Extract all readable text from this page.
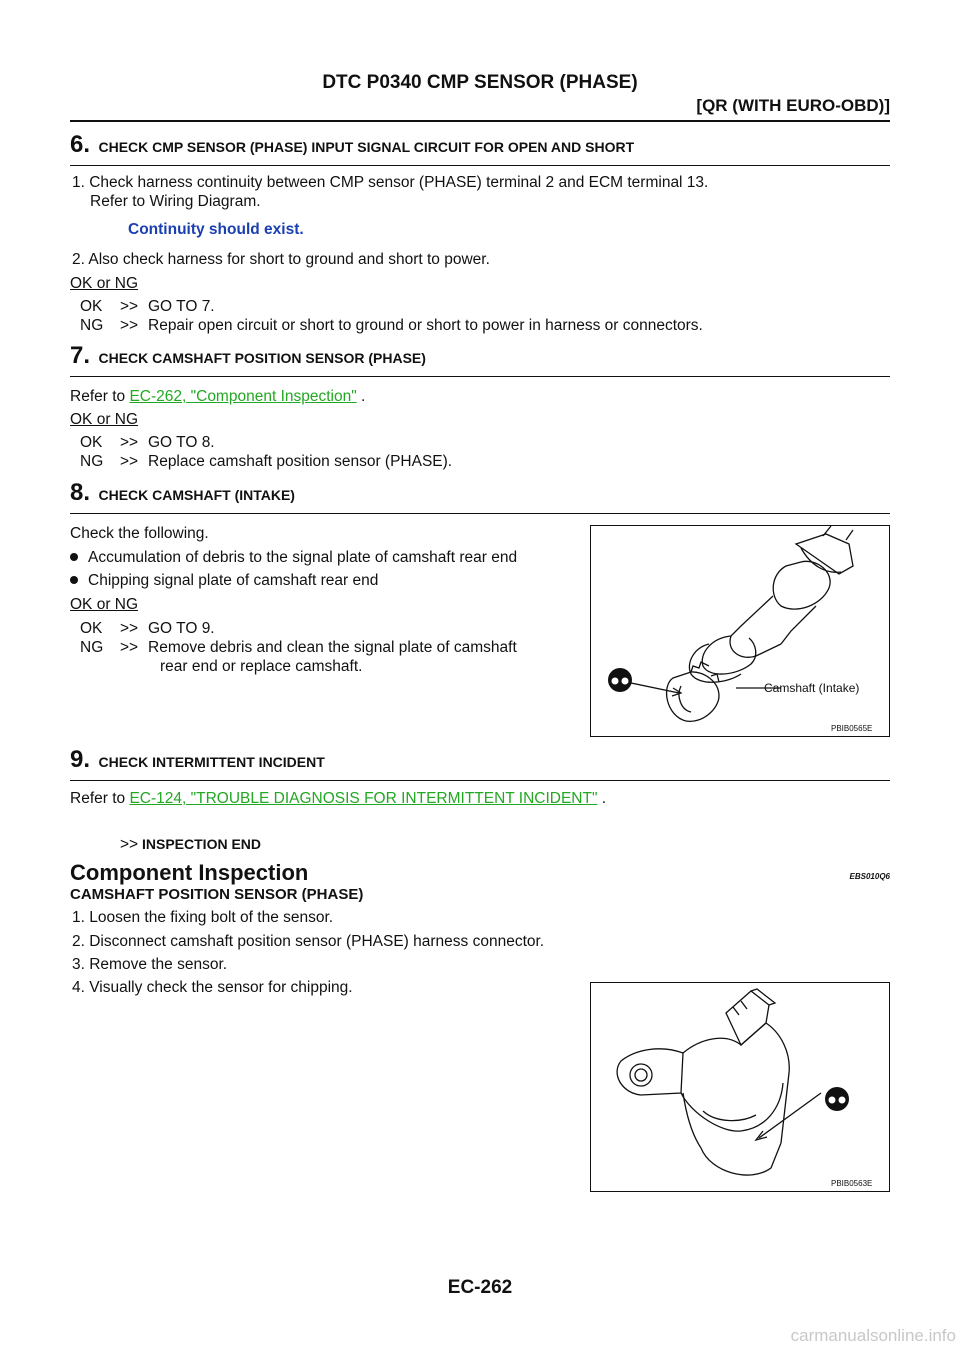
DTC P0340 CMP SENSOR (PHASE)
[QR (WITH EURO-OBD)]
6. CHECK CMP SENSOR (PHASE) INPUT SIGNAL CIRCUIT FOR OPEN AND SHORT
1. Check harness continuity between CMP sensor (PHASE) terminal 2 and ECM terminal 13.
Refer to Wiring Diagram.
Continuity should exist.
2. Also check harness for short to ground and short to power.
OK or NG
OK >> GO TO 7.
NG >> Repair open circuit or short to ground or short to power in harness or connectors.
7. CHECK CAMSHAFT POSITION SENSOR (PHASE)
Refer to EC-262, "Component Inspection" .
OK or NG
OK >> GO TO 8.
NG >> Replace camshaft position sensor (PHASE).
8. CHECK CAMSHAFT (INTAKE)
Check the following.
Accumulation of debris to the signal plate of camshaft rear end
Chipping signal plate of camshaft rear end
OK or NG
OK >> GO TO 9.
NG >> Remove debris and clean the signal plate of camshaft
rear end or replace camshaft.
Camshaft (Intake)
PBIB0565E
9. CHECK INTERMITTENT INCIDENT
Refer to EC-124, "TROUBLE DIAGNOSIS FOR INTERMITTENT INCIDENT" .
>> INSPECTION END
Component Inspection	EBS010Q6
CAMSHAFT POSITION SENSOR (PHASE)
1. Loosen the fixing bolt of the sensor.
2. Disconnect camshaft position sensor (PHASE) harness connector.
3. Remove the sensor.
4. Visually check the sensor for chipping.
PBIB0563E
EC-262
carmanualsonline.info
